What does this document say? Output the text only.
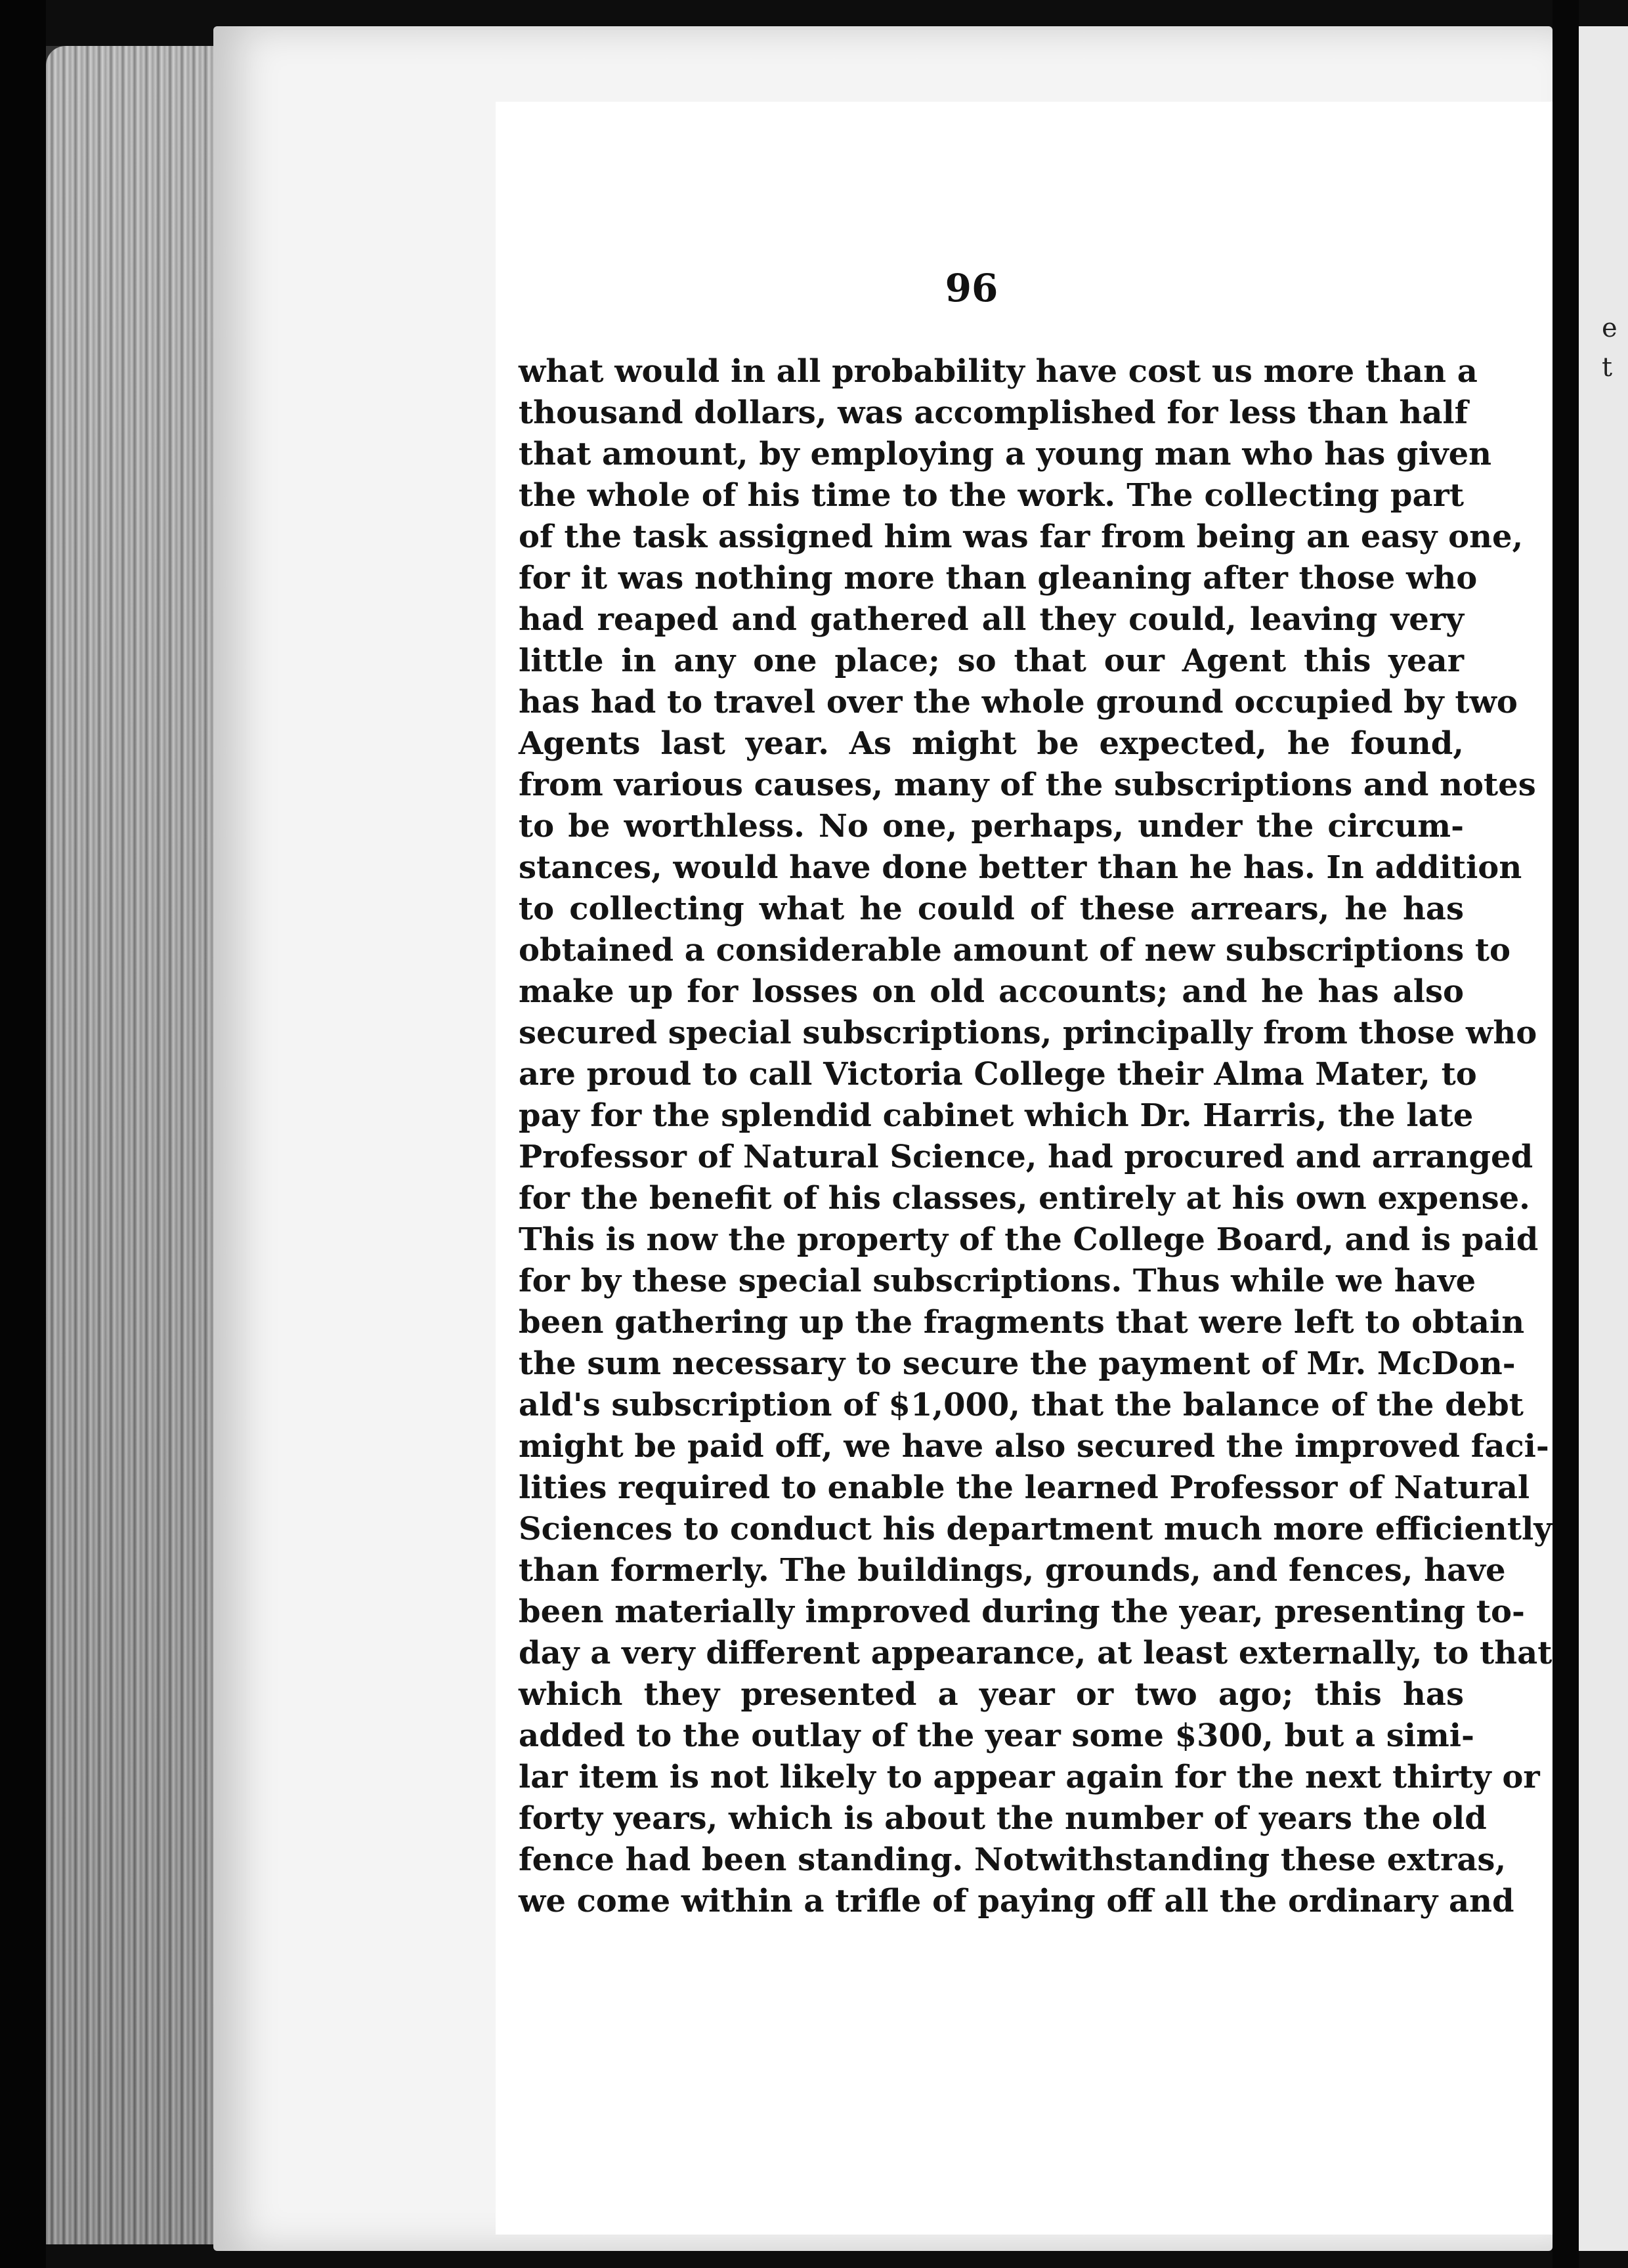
e
t
96
what would in all probability have cost us more than a
thousand dollars, was accomplished for less than half
that amount, by employing a young man who has given
the whole of his time to the work. The collecting part
of the task assigned him was far from being an easy one,
for it was nothing more than gleaning after those who
had reaped and gathered all they could, leaving very
little in any one place; so that our Agent this year
has had to travel over the whole ground occupied by two
Agents last year. As might be expected, he found,
from various causes, many of the subscriptions and notes
to be worthless. No one, perhaps, under the circum-
stances, would have done better than he has. In addition
to collecting what he could of these arrears, he has
obtained a considerable amount of new subscriptions to
make up for losses on old accounts; and he has also
secured special subscriptions, principally from those who
are proud to call Victoria College their Alma Mater, to
pay for the splendid cabinet which Dr. Harris, the late
Professor of Natural Science, had procured and arranged
for the benefit of his classes, entirely at his own expense.
This is now the property of the College Board, and is paid
for by these special subscriptions. Thus while we have
been gathering up the fragments that were left to obtain
the sum necessary to secure the payment of Mr. McDon-
ald's subscription of $1,000, that the balance of the debt
might be paid off, we have also secured the improved faci-
lities required to enable the learned Professor of Natural
Sciences to conduct his department much more efficiently
than formerly. The buildings, grounds, and fences, have
been materially improved during the year, presenting to-
day a very different appearance, at least externally, to that
which they presented a year or two ago; this has
added to the outlay of the year some $300, but a simi-
lar item is not likely to appear again for the next thirty or
forty years, which is about the number of years the old
fence had been standing. Notwithstanding these extras,
we come within a trifle of paying off all the ordinary and
